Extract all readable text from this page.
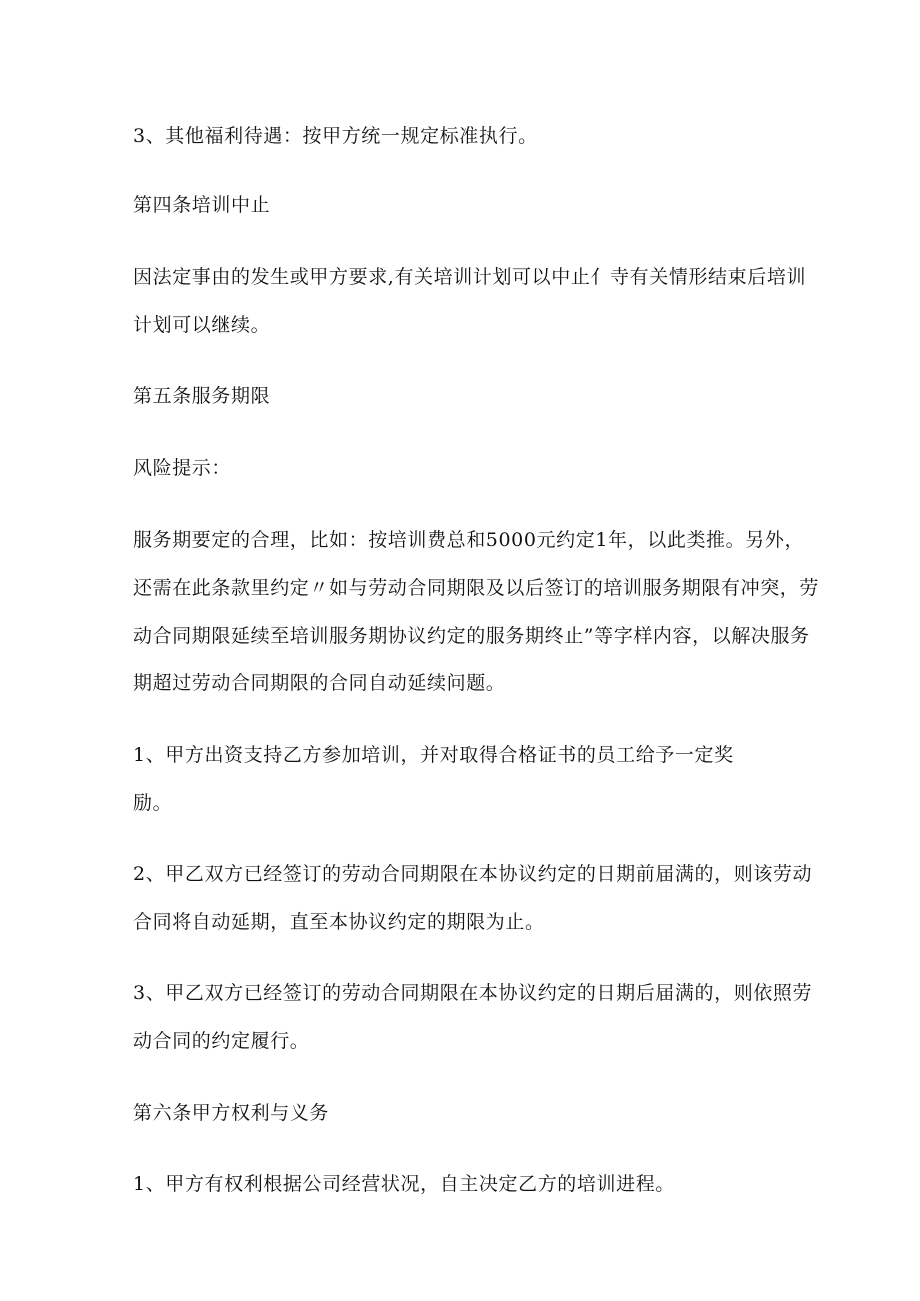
3、其他福利待遇：按甲方统一规定标准执行。
第四条培训中止
因法定事由的发生或甲方要求,有关培训计划可以中止亻寺有关情形结束后培训
计划可以继续。
第五条服务期限
风险提示：
服务期要定的合理，比如：按培训费总和5000元约定1年，以此类推。另外，
还需在此条款里约定〃如与劳动合同期限及以后签订的培训服务期限有冲突，劳
动合同期限延续至培训服务期协议约定的服务期终止”等字样内容，以解决服务
期超过劳动合同期限的合同自动延续问题。
1、甲方出资支持乙方参加培训，并对取得合格证书的员工给予一定奖
励。
2、甲乙双方已经签订的劳动合同期限在本协议约定的日期前届满的，则该劳动
合同将自动延期，直至本协议约定的期限为止。
3、甲乙双方已经签订的劳动合同期限在本协议约定的日期后届满的，则依照劳
动合同的约定履行。
第六条甲方权利与义务
1、甲方有权利根据公司经营状况，自主决定乙方的培训进程。
